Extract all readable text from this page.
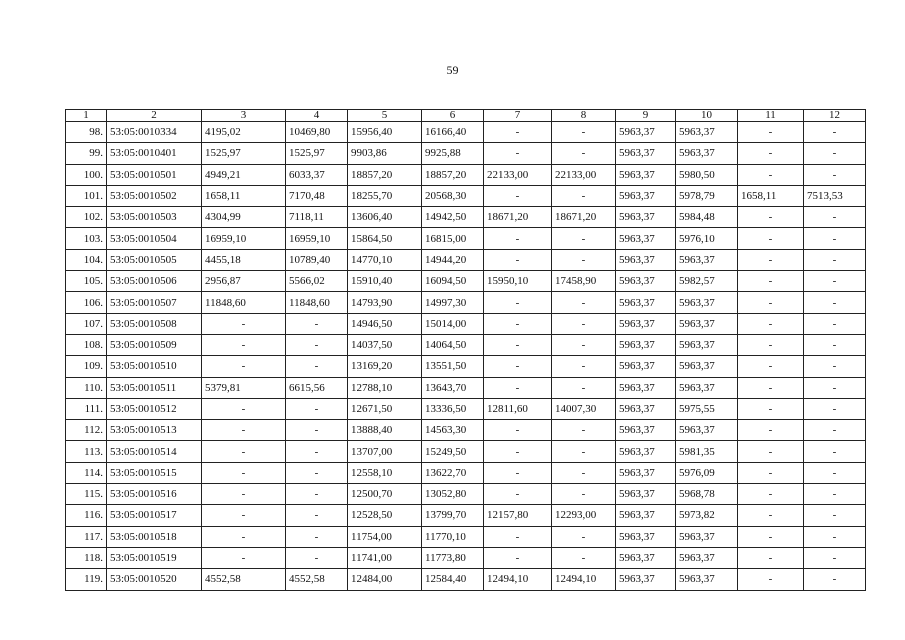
59
1	2	3	4	5	6	7	8	9	10	11	12
98.	53:05:0010334	4195,02	10469,80	15956,40	16166,40	-	-	5963,37	5963,37	-	-
99.	53:05:0010401	1525,97	1525,97	9903,86	9925,88	-	-	5963,37	5963,37	-	-
100.	53:05:0010501	4949,21	6033,37	18857,20	18857,20	22133,00	22133,00	5963,37	5980,50	-	-
101.	53:05:0010502	1658,11	7170,48	18255,70	20568,30	-	-	5963,37	5978,79	1658,11	7513,53
102.	53:05:0010503	4304,99	7118,11	13606,40	14942,50	18671,20	18671,20	5963,37	5984,48	-	-
103.	53:05:0010504	16959,10	16959,10	15864,50	16815,00	-	-	5963,37	5976,10	-	-
104.	53:05:0010505	4455,18	10789,40	14770,10	14944,20	-	-	5963,37	5963,37	-	-
105.	53:05:0010506	2956,87	5566,02	15910,40	16094,50	15950,10	17458,90	5963,37	5982,57	-	-
106.	53:05:0010507	11848,60	11848,60	14793,90	14997,30	-	-	5963,37	5963,37	-	-
107.	53:05:0010508	-	-	14946,50	15014,00	-	-	5963,37	5963,37	-	-
108.	53:05:0010509	-	-	14037,50	14064,50	-	-	5963,37	5963,37	-	-
109.	53:05:0010510	-	-	13169,20	13551,50	-	-	5963,37	5963,37	-	-
110.	53:05:0010511	5379,81	6615,56	12788,10	13643,70	-	-	5963,37	5963,37	-	-
111.	53:05:0010512	-	-	12671,50	13336,50	12811,60	14007,30	5963,37	5975,55	-	-
112.	53:05:0010513	-	-	13888,40	14563,30	-	-	5963,37	5963,37	-	-
113.	53:05:0010514	-	-	13707,00	15249,50	-	-	5963,37	5981,35	-	-
114.	53:05:0010515	-	-	12558,10	13622,70	-	-	5963,37	5976,09	-	-
115.	53:05:0010516	-	-	12500,70	13052,80	-	-	5963,37	5968,78	-	-
116.	53:05:0010517	-	-	12528,50	13799,70	12157,80	12293,00	5963,37	5973,82	-	-
117.	53:05:0010518	-	-	11754,00	11770,10	-	-	5963,37	5963,37	-	-
118.	53:05:0010519	-	-	11741,00	11773,80	-	-	5963,37	5963,37	-	-
119.	53:05:0010520	4552,58	4552,58	12484,00	12584,40	12494,10	12494,10	5963,37	5963,37	-	-
